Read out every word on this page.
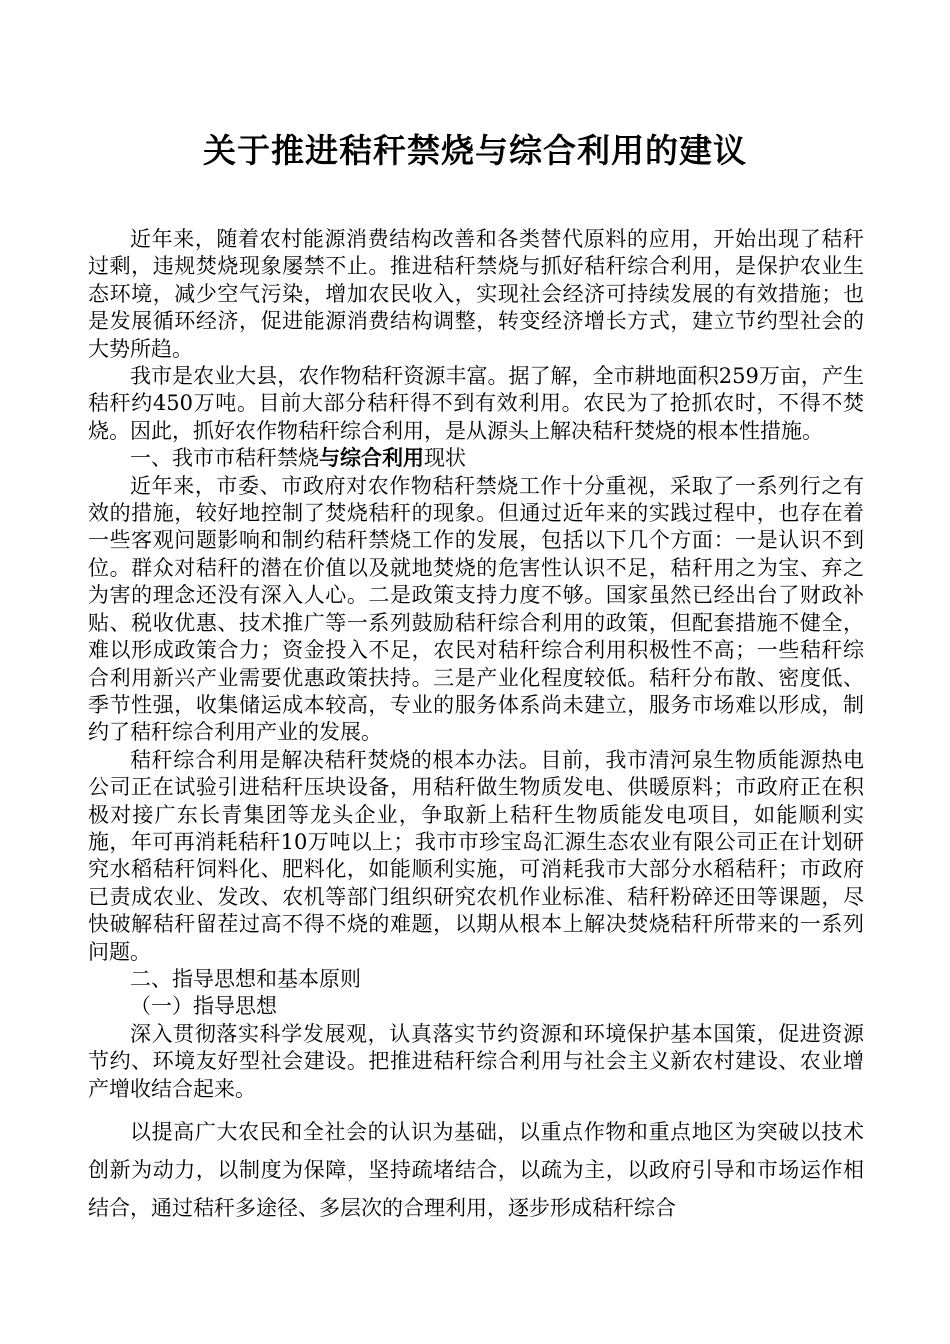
关于推进秸秆禁烧与综合利用的建议

近年来，随着农村能源消费结构改善和各类替代原料的应用，开始出现了秸秆过剩，违规焚烧现象屡禁不止。推进秸秆禁烧与抓好秸秆综合利用，是保护农业生态环境，减少空气污染，增加农民收入，实现社会经济可持续发展的有效措施；也是发展循环经济，促进能源消费结构调整，转变经济增长方式，建立节约型社会的大势所趋。

我市是农业大县，农作物秸秆资源丰富。据了解，全市耕地面积259万亩，产生秸秆约450万吨。目前大部分秸秆得不到有效利用。农民为了抢抓农时，不得不焚烧。因此，抓好农作物秸秆综合利用，是从源头上解决秸秆焚烧的根本性措施。

一、我市市秸秆禁烧与综合利用现状

近年来，市委、市政府对农作物秸秆禁烧工作十分重视，采取了一系列行之有效的措施，较好地控制了焚烧秸秆的现象。但通过近年来的实践过程中，也存在着一些客观问题影响和制约秸秆禁烧工作的发展，包括以下几个方面：一是认识不到位。群众对秸秆的潜在价值以及就地焚烧的危害性认识不足，秸秆用之为宝、弃之为害的理念还没有深入人心。二是政策支持力度不够。国家虽然已经出台了财政补贴、税收优惠、技术推广等一系列鼓励秸秆综合利用的政策，但配套措施不健全，难以形成政策合力；资金投入不足，农民对秸秆综合利用积极性不高；一些秸秆综合利用新兴产业需要优惠政策扶持。三是产业化程度较低。秸秆分布散、密度低、季节性强，收集储运成本较高，专业的服务体系尚未建立，服务市场难以形成，制约了秸秆综合利用产业的发展。

秸秆综合利用是解决秸秆焚烧的根本办法。目前，我市清河泉生物质能源热电公司正在试验引进秸秆压块设备，用秸秆做生物质发电、供暖原料；市政府正在积极对接广东长青集团等龙头企业，争取新上秸秆生物质能发电项目，如能顺利实施，年可再消耗秸秆10万吨以上；我市市珍宝岛汇源生态农业有限公司正在计划研究水稻秸秆饲料化、肥料化，如能顺利实施，可消耗我市大部分水稻秸秆；市政府已责成农业、发改、农机等部门组织研究农机作业标准、秸秆粉碎还田等课题，尽快破解秸秆留茬过高不得不烧的难题，以期从根本上解决焚烧秸秆所带来的一系列问题。

二、指导思想和基本原则

（一）指导思想

深入贯彻落实科学发展观，认真落实节约资源和环境保护基本国策，促进资源节约、环境友好型社会建设。把推进秸秆综合利用与社会主义新农村建设、农业增产增收结合起来。

以提高广大农民和全社会的认识为基础，以重点作物和重点地区为突破以技术创新为动力，以制度为保障，坚持疏堵结合，以疏为主，以政府引导和市场运作相结合，通过秸秆多途径、多层次的合理利用，逐步形成秸秆综合
